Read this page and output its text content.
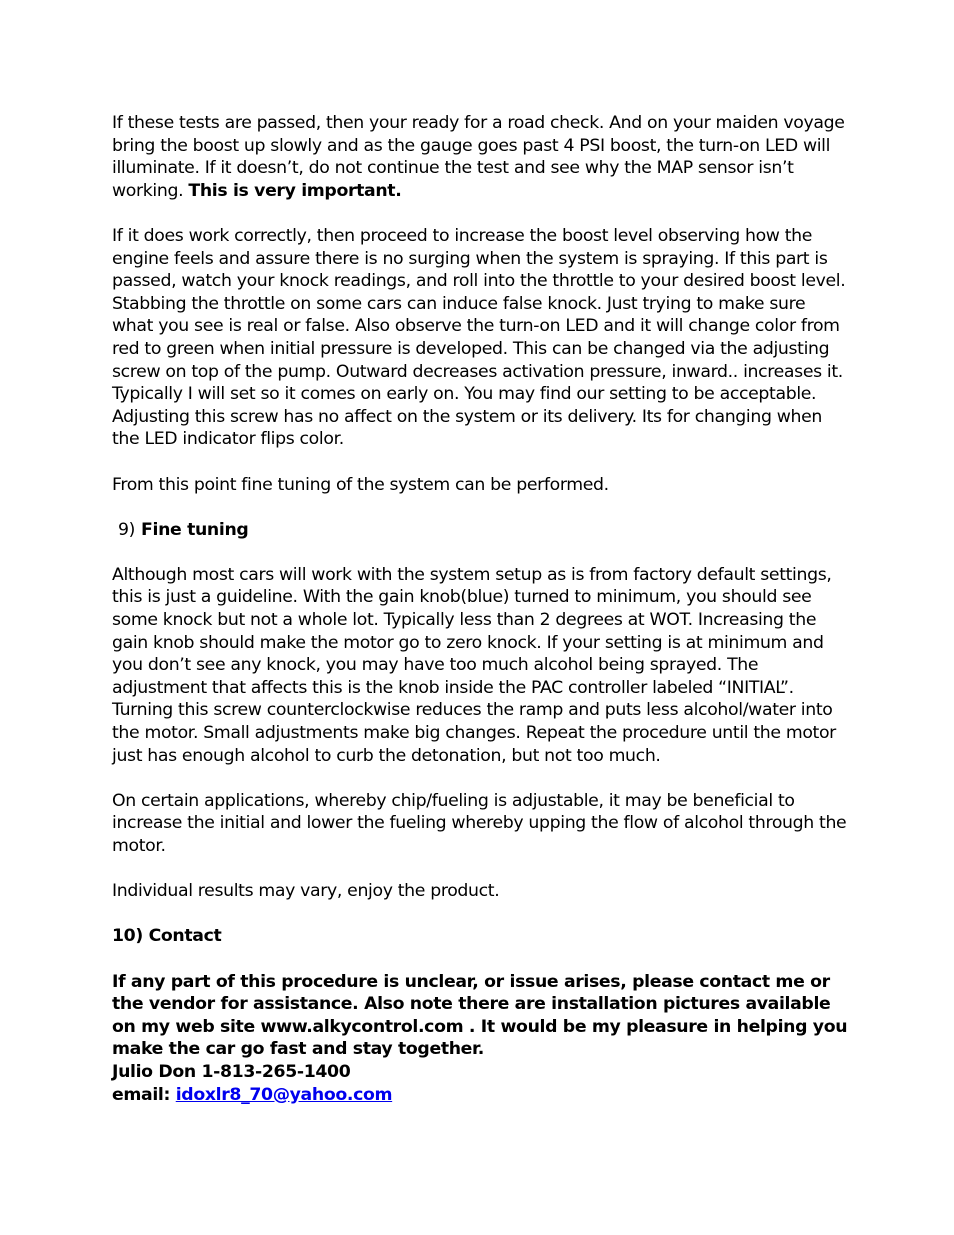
If these tests are passed, then your ready for a road check. And on your maiden voyage bring the boost up slowly and as the gauge goes past 4 PSI boost, the turn-on LED will illuminate. If it doesn’t, do not continue the test and see why the MAP sensor isn’t working. This is very important.

If it does work correctly, then proceed to increase the boost level observing how the engine feels and assure there is no surging when the system is spraying. If this part is passed, watch your knock readings, and roll into the throttle to your desired boost level. Stabbing the throttle on some cars can induce false knock. Just trying to make sure what you see is real or false. Also observe the turn-on LED and it will change color from red to green when initial pressure is developed. This can be changed via the adjusting screw on top of the pump. Outward decreases activation pressure, inward.. increases it. Typically I will set so it comes on early on. You may find our setting to be acceptable. Adjusting this screw has no affect on the system or its delivery. Its for changing when the LED indicator flips color.

From this point fine tuning of the system can be performed.

9) Fine tuning

Although most cars will work with the system setup as is from factory default settings, this is just a guideline. With the gain knob(blue) turned to minimum, you should see some knock but not a whole lot. Typically less than 2 degrees at WOT. Increasing the gain knob should make the motor go to zero knock. If your setting is at minimum and you don’t see any knock, you may have too much alcohol being sprayed. The adjustment that affects this is the knob inside the PAC controller labeled “INITIAL”. Turning this screw counterclockwise reduces the ramp and puts less alcohol/water into the motor. Small adjustments make big changes. Repeat the procedure until the motor just has enough alcohol to curb the detonation, but not too much.

On certain applications, whereby chip/fueling is adjustable, it may be beneficial to increase the initial and lower the fueling whereby upping the flow of alcohol through the motor.

Individual results may vary, enjoy the product.

10) Contact

If any part of this procedure is unclear, or issue arises, please contact me or the vendor for assistance. Also note there are installation pictures available on my web site www.alkycontrol.com . It would be my pleasure in helping you make the car go fast and stay together.

Julio Don 1-813-265-1400

email: idoxlr8_70@yahoo.com
